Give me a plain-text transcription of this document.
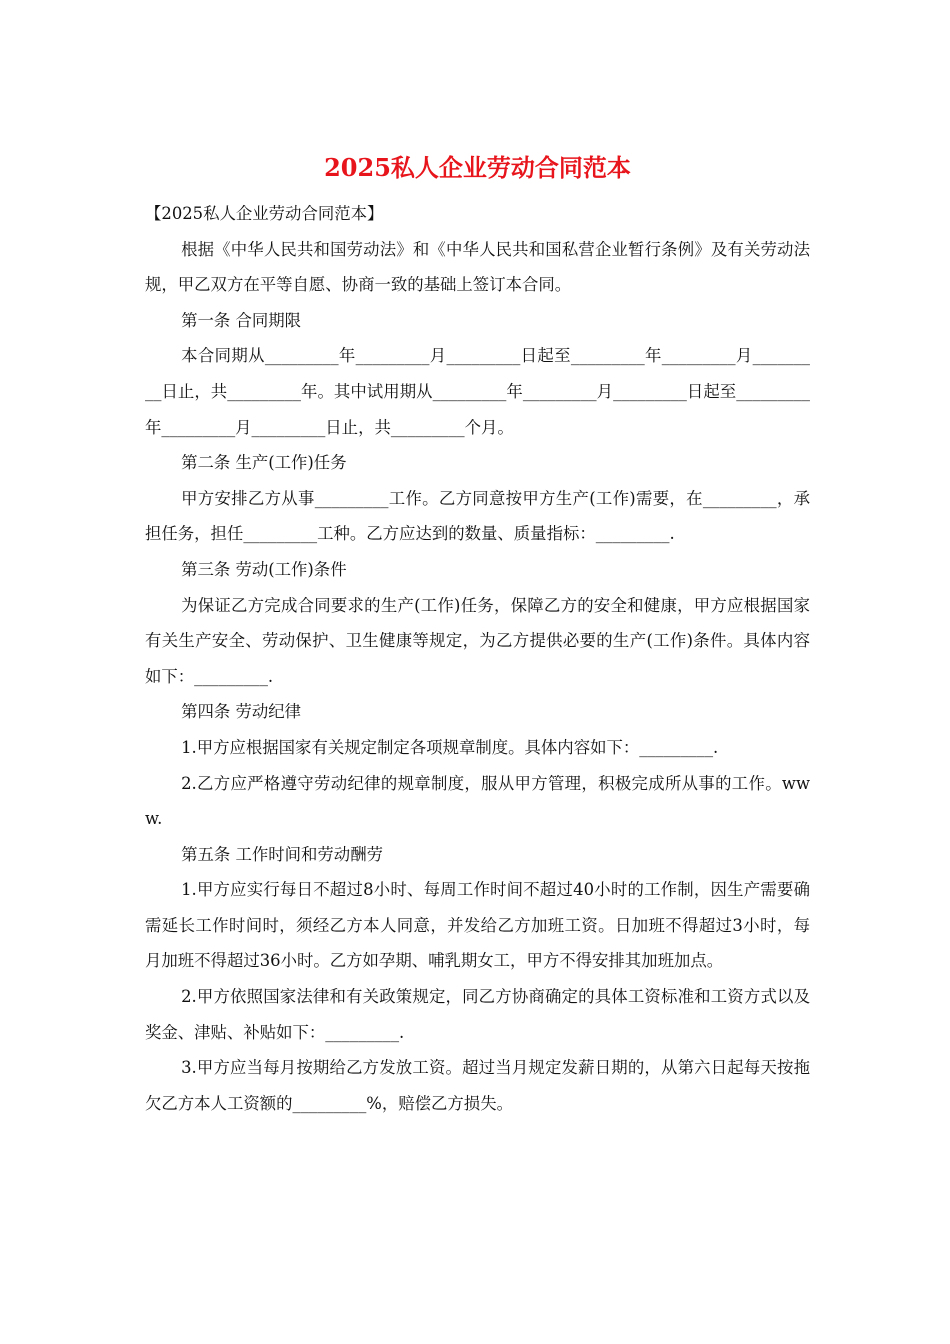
2025私人企业劳动合同范本

【2025私人企业劳动合同范本】

根据《中华人民共和国劳动法》和《中华人民共和国私营企业暂行条例》及有关劳动法规，甲乙双方在平等自愿、协商一致的基础上签订本合同。

第一条 合同期限

本合同期从_________年_________月_________日起至_________年_________月_________日止，共_________年。其中试用期从_________年_________月_________日起至_________年_________月_________日止，共_________个月。

第二条 生产(工作)任务

甲方安排乙方从事_________工作。乙方同意按甲方生产(工作)需要，在_________，承担任务，担任_________工种。乙方应达到的数量、质量指标：_________.

第三条 劳动(工作)条件

为保证乙方完成合同要求的生产(工作)任务，保障乙方的安全和健康，甲方应根据国家有关生产安全、劳动保护、卫生健康等规定，为乙方提供必要的生产(工作)条件。具体内容如下：_________.

第四条 劳动纪律

1.甲方应根据国家有关规定制定各项规章制度。具体内容如下：_________.

2.乙方应严格遵守劳动纪律的规章制度，服从甲方管理，积极完成所从事的工作。www.

第五条 工作时间和劳动酬劳

1.甲方应实行每日不超过8小时、每周工作时间不超过40小时的工作制，因生产需要确需延长工作时间时，须经乙方本人同意，并发给乙方加班工资。日加班不得超过3小时，每月加班不得超过36小时。乙方如孕期、哺乳期女工，甲方不得安排其加班加点。

2.甲方依照国家法律和有关政策规定，同乙方协商确定的具体工资标准和工资方式以及奖金、津贴、补贴如下：_________.

3.甲方应当每月按期给乙方发放工资。超过当月规定发薪日期的，从第六日起每天按拖欠乙方本人工资额的_________%，赔偿乙方损失。
